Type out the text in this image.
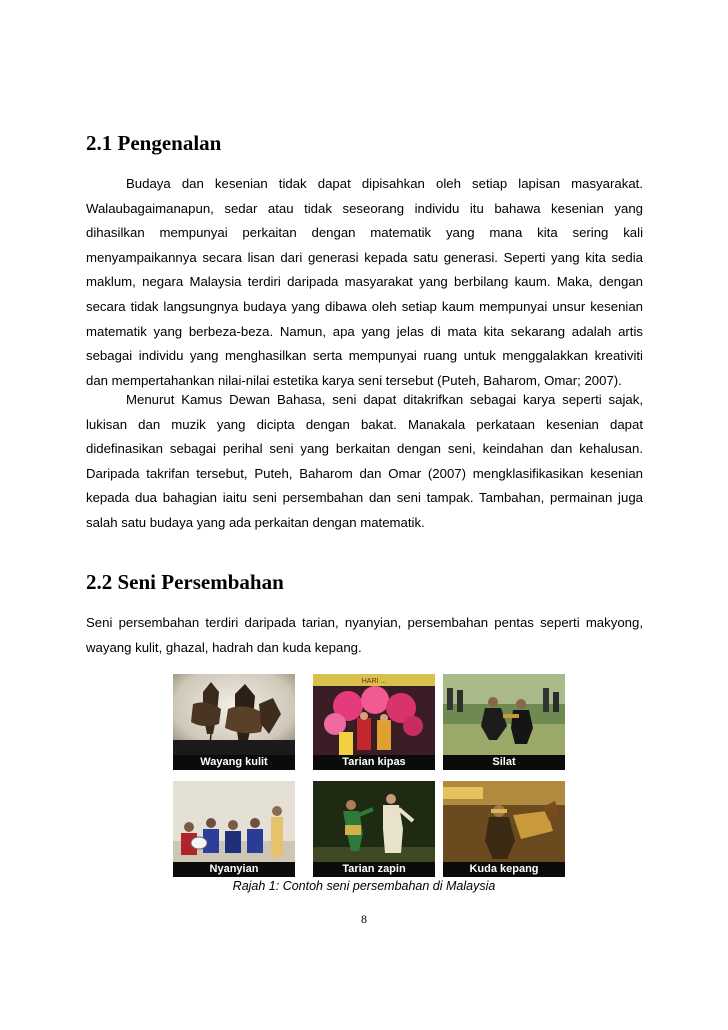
2.1 Pengenalan

Budaya dan kesenian tidak dapat dipisahkan oleh setiap lapisan masyarakat. Walaubagaimanapun, sedar atau tidak seseorang individu itu bahawa kesenian yang dihasilkan mempunyai perkaitan dengan matematik yang mana kita sering kali menyampaikannya secara lisan dari generasi kepada satu generasi. Seperti yang kita sedia maklum, negara Malaysia terdiri daripada masyarakat yang berbilang kaum. Maka, dengan secara tidak langsungnya budaya yang dibawa oleh setiap kaum mempunyai unsur kesenian matematik yang berbeza-beza. Namun, apa yang jelas di mata kita sekarang adalah artis sebagai individu yang menghasilkan serta mempunyai ruang untuk menggalakkan kreativiti dan mempertahankan nilai-nilai estetika karya seni tersebut (Puteh, Baharom, Omar; 2007).

Menurut Kamus Dewan Bahasa, seni dapat ditakrifkan sebagai karya seperti sajak, lukisan dan muzik yang dicipta dengan bakat. Manakala perkataan kesenian dapat didefinasikan sebagai perihal seni yang berkaitan dengan seni, keindahan dan kehalusan. Daripada takrifan tersebut, Puteh, Baharom dan Omar (2007) mengklasifikasikan kesenian kepada dua bahagian iaitu seni persembahan dan seni tampak. Tambahan, permainan juga salah satu budaya yang ada perkaitan dengan matematik.

2.2 Seni Persembahan

Seni persembahan terdiri daripada tarian, nyanyian, persembahan pentas seperti makyong, wayang kulit, ghazal, hadrah dan kuda kepang.

Wayang kulit
HARI ...
Tarian kipas	Silat
Nyanyian	Tarian zapin	Kuda kepang
Rajah 1: Contoh seni persembahan di Malaysia
8
